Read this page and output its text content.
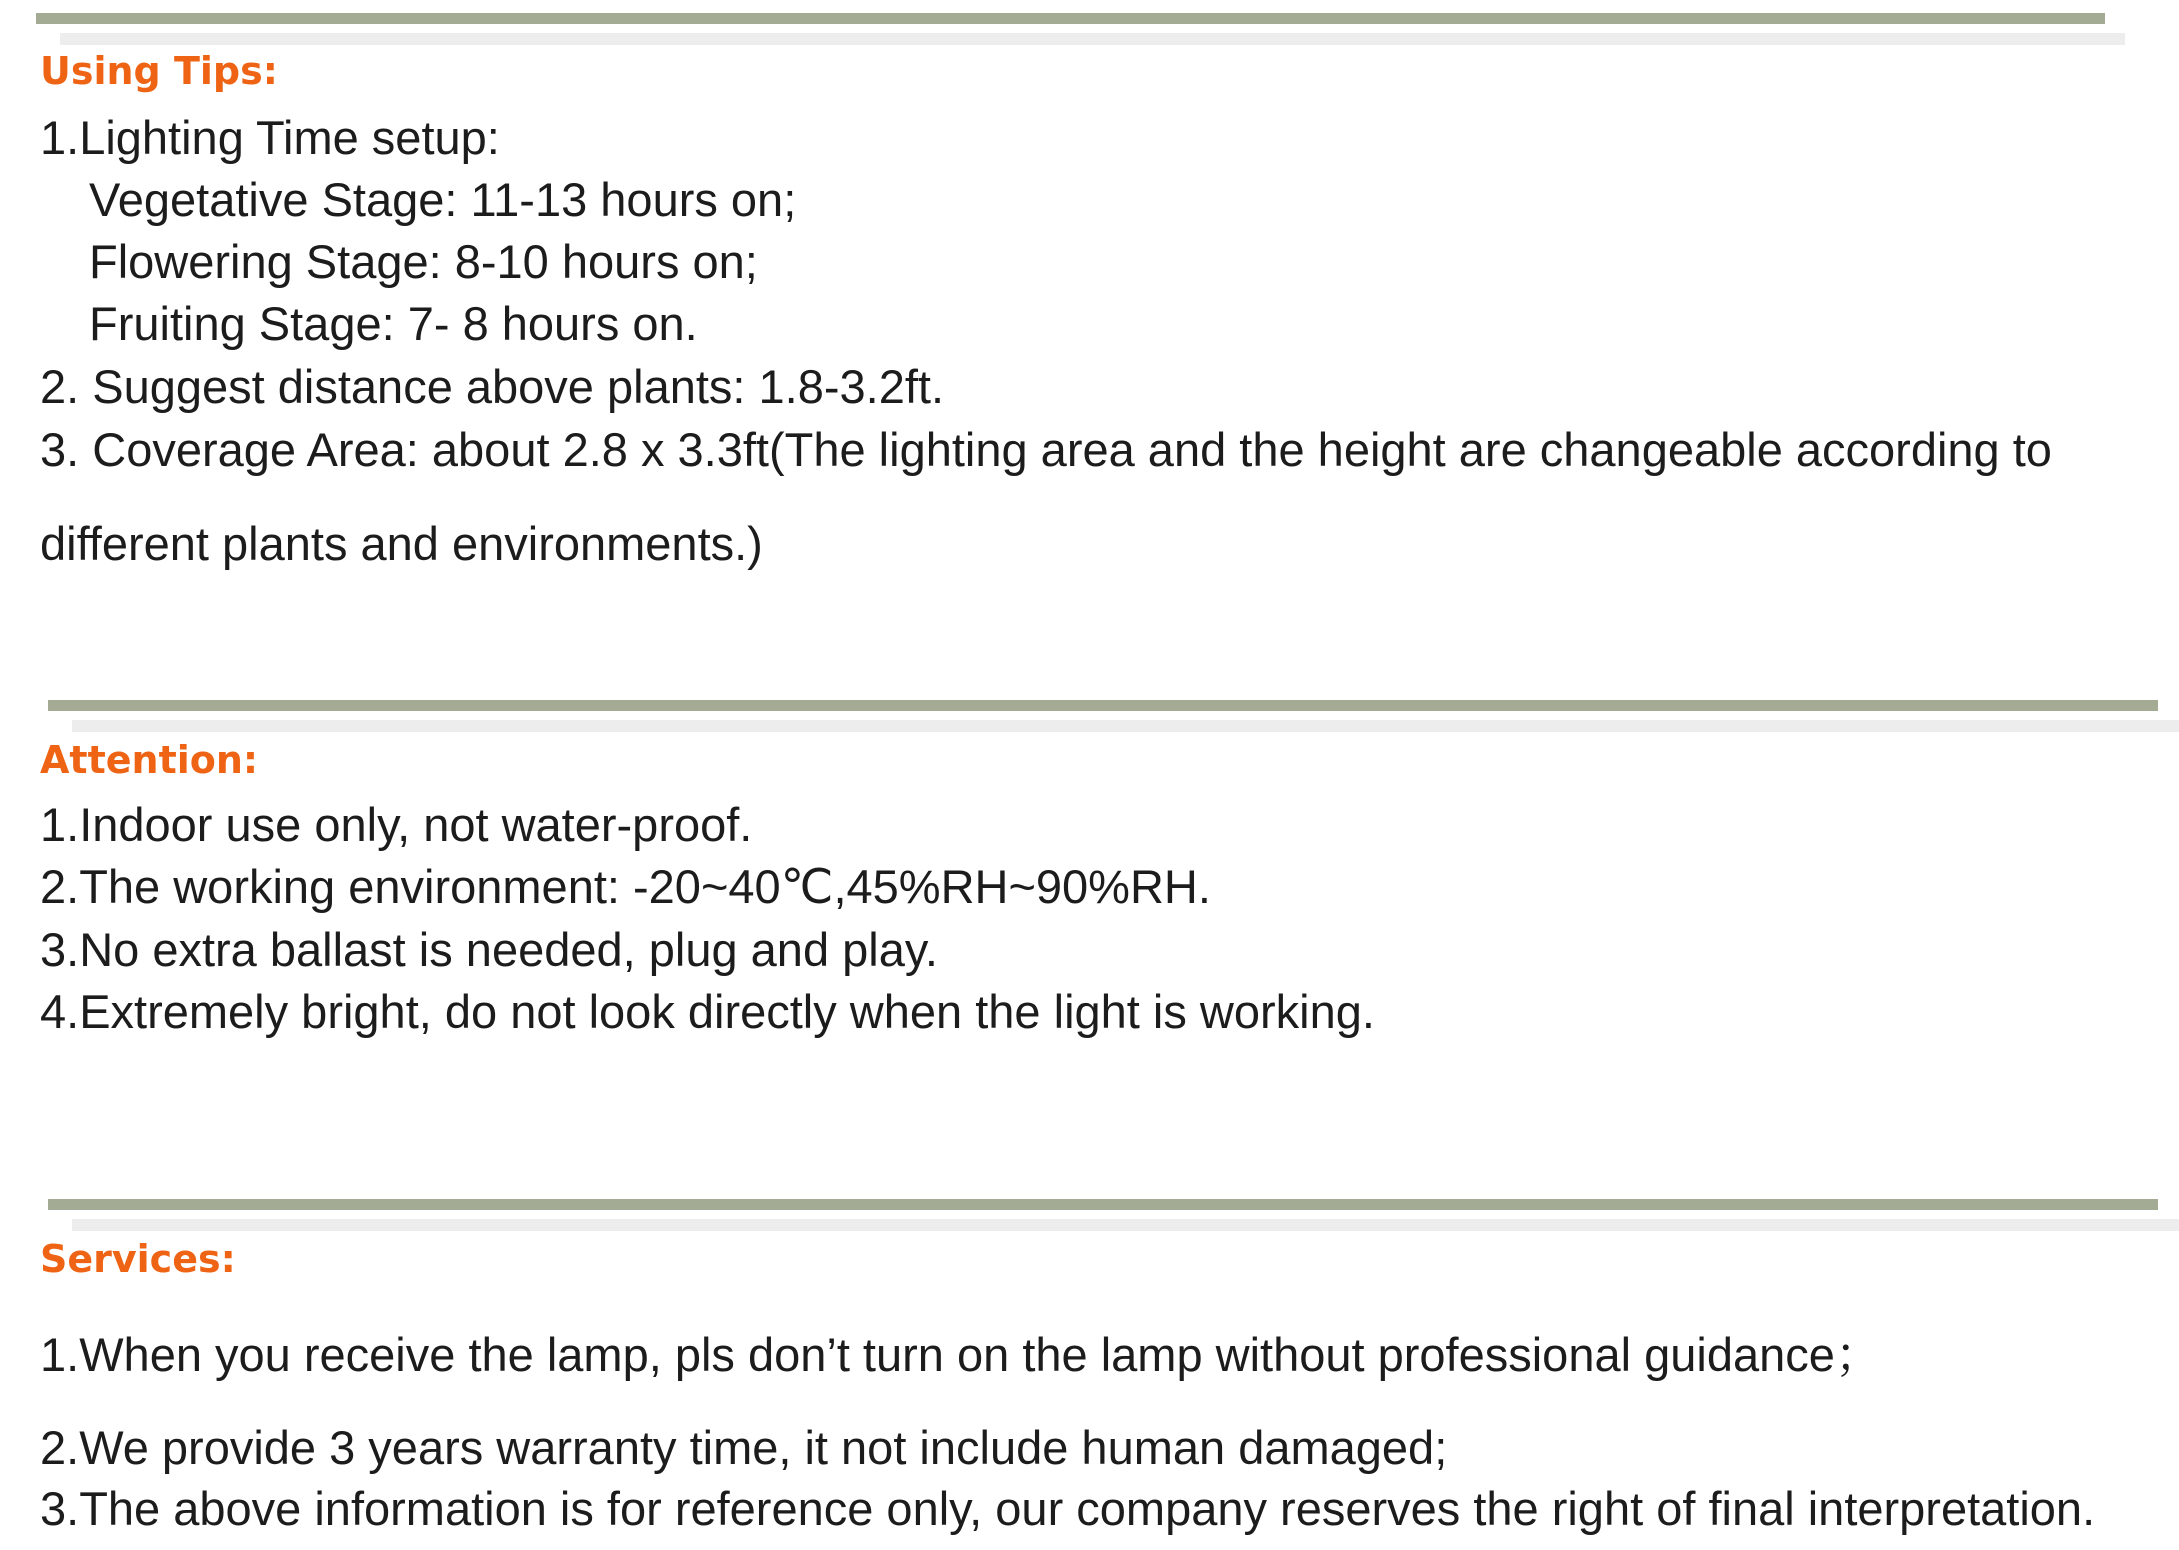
Using Tips:

1.Lighting Time setup:

Vegetative Stage: 11-13 hours on;

Flowering Stage: 8-10 hours on;

Fruiting Stage: 7- 8 hours on.

2. Suggest distance above plants: 1.8-3.2ft.

3. Coverage Area: about 2.8 x 3.3ft(The lighting area and the height are changeable according to

different plants and environments.)

Attention:

1.Indoor use only, not water-proof.

2.The working environment: -20~40℃,45%RH~90%RH.

3.No extra ballast is needed, plug and play.

4.Extremely bright, do not look directly when the light is working.

Services:

1.When you receive the lamp, pls don’t turn on the lamp without professional guidance；

2.We provide 3 years warranty time, it not include human damaged;

3.The above information is for reference only, our company reserves the right of final interpretation.
